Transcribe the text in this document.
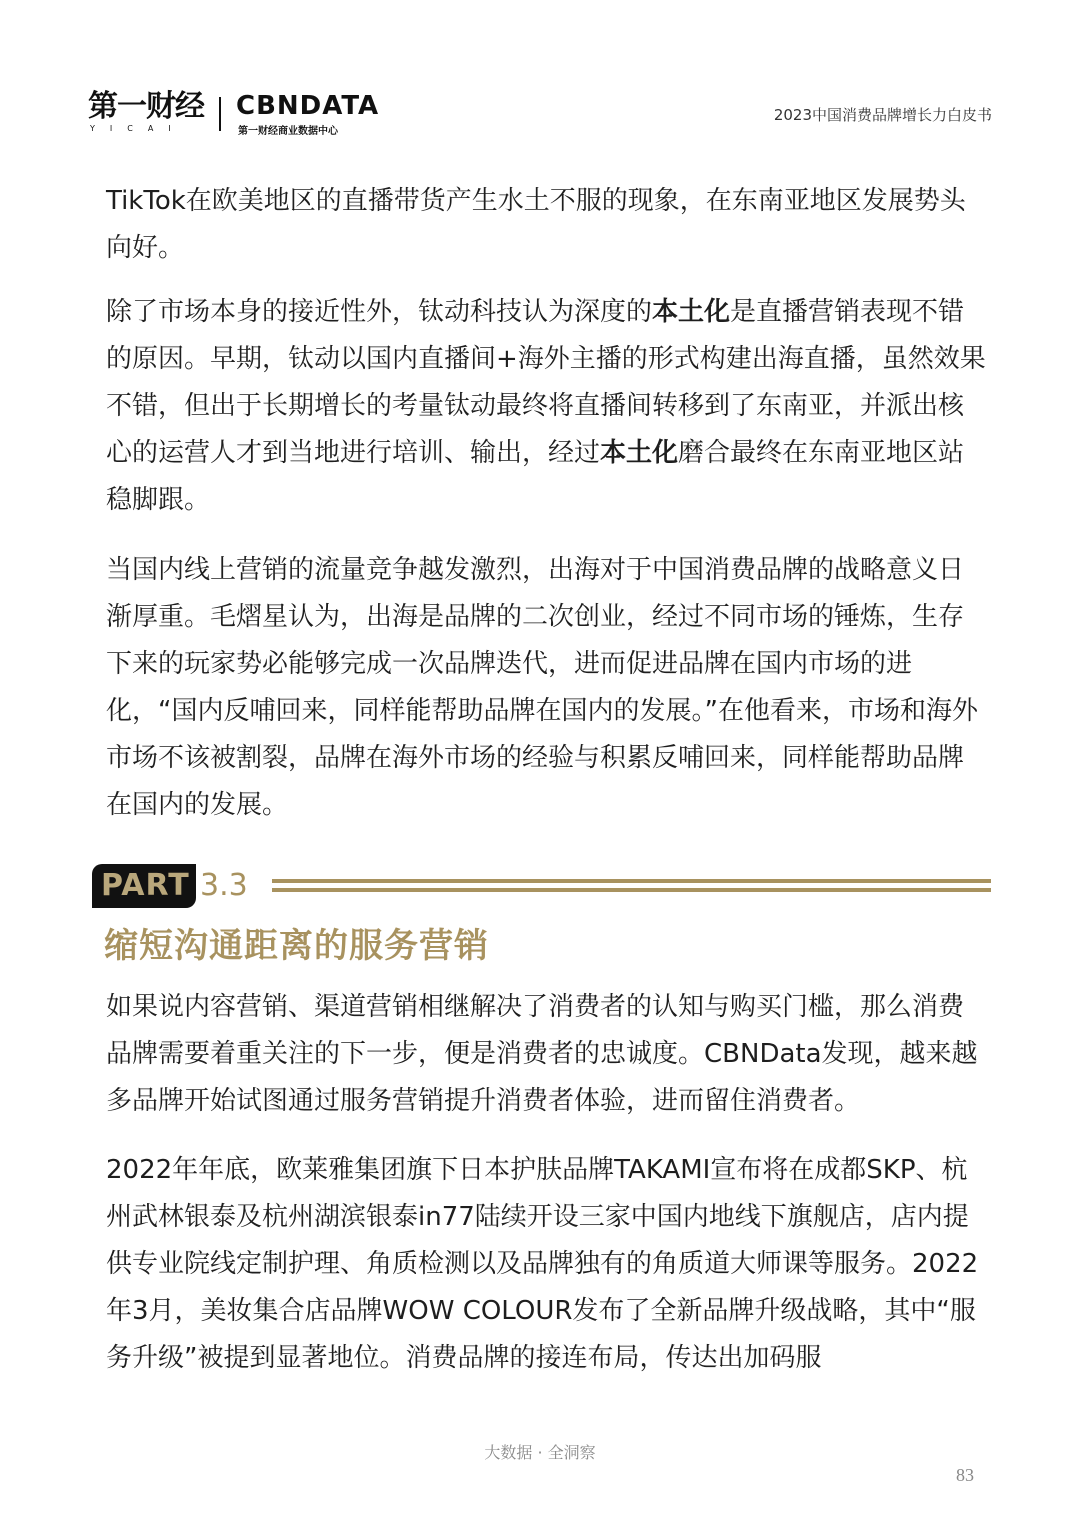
第一财经
YICAI
CBNDATA
第一财经商业数据中心
2023中国消费品牌增长力白皮书

TikTok在欧美地区的直播带货产生水土不服的现象，在东南亚地区发展势头向好。

除了市场本身的接近性外，钛动科技认为深度的本土化是直播营销表现不错的原因。早期，钛动以国内直播间+海外主播的形式构建出海直播，虽然效果不错，但出于长期增长的考量钛动最终将直播间转移到了东南亚，并派出核心的运营人才到当地进行培训、输出，经过本土化磨合最终在东南亚地区站稳脚跟。

当国内线上营销的流量竞争越发激烈，出海对于中国消费品牌的战略意义日渐厚重。毛熠星认为，出海是品牌的二次创业，经过不同市场的锤炼，生存下来的玩家势必能够完成一次品牌迭代，进而促进品牌在国内市场的进化，“国内反哺回来，同样能帮助品牌在国内的发展。”在他看来，市场和海外市场不该被割裂，品牌在海外市场的经验与积累反哺回来，同样能帮助品牌在国内的发展。

PART 3.3
缩短沟通距离的服务营销

如果说内容营销、渠道营销相继解决了消费者的认知与购买门槛，那么消费品牌需要着重关注的下一步，便是消费者的忠诚度。CBNData发现，越来越多品牌开始试图通过服务营销提升消费者体验，进而留住消费者。

2022年年底，欧莱雅集团旗下日本护肤品牌TAKAMI宣布将在成都SKP、杭州武林银泰及杭州湖滨银泰in77陆续开设三家中国内地线下旗舰店，店内提供专业院线定制护理、角质检测以及品牌独有的角质道大师课等服务。2022年3月，美妆集合店品牌WOW COLOUR发布了全新品牌升级战略，其中“服务升级”被提到显著地位。消费品牌的接连布局，传达出加码服

大数据 · 全洞察
83
